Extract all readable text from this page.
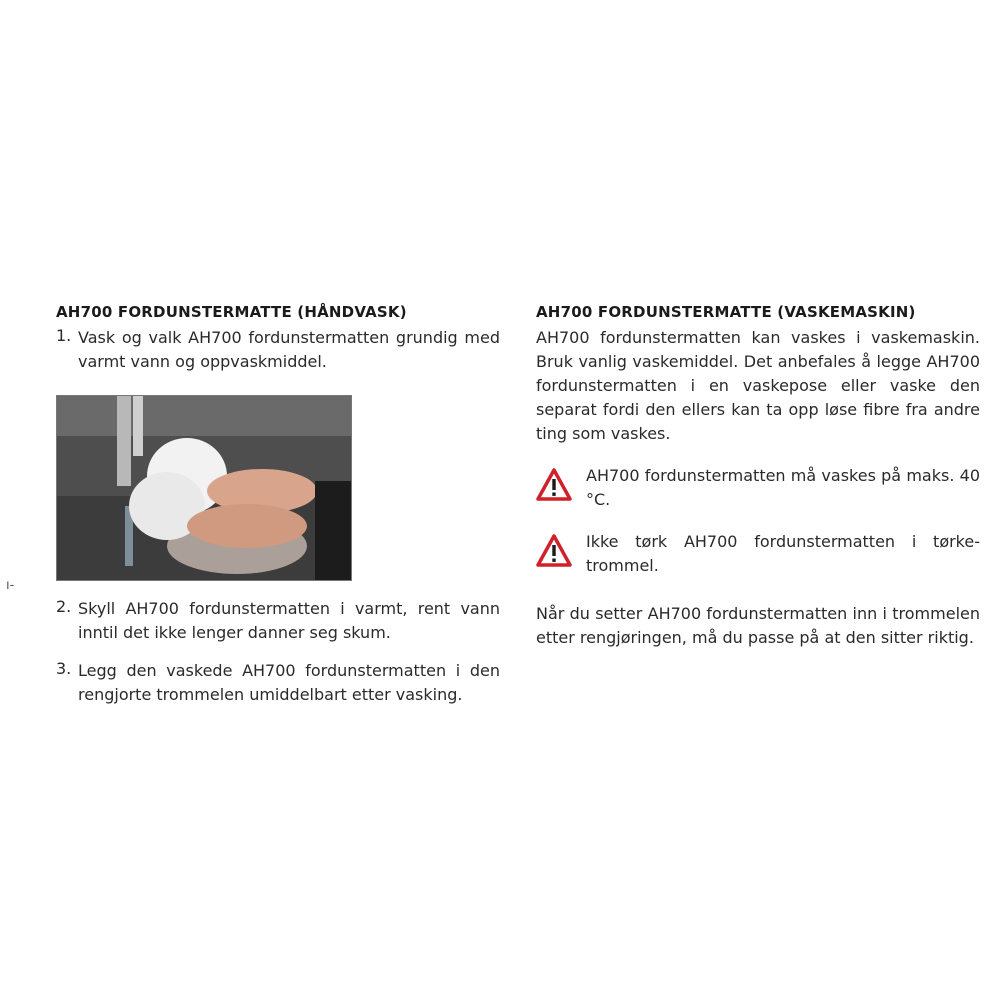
AH700 FORDUNSTERMATTE (HÅNDVASK)
1. Vask og valk AH700 fordunstermatten grundig med varmt vann og oppvaskmiddel.

ı-
2. Skyll AH700 fordunstermatten i varmt, rent vann inntil det ikke lenger danner seg skum.

3. Legg den vaskede AH700 fordunstermatten i den rengjorte trommelen umiddelbart etter vasking.

AH700 FORDUNSTERMATTE (VASKEMASKIN)

AH700 fordunstermatten kan vaskes i vaskemaskin. Bruk vanlig vaskemiddel. Det anbefales å legge AH700 fordunstermatten i en vaskepose eller vaske den separat fordi den ellers kan ta opp løse fibre fra andre ting som vaskes.

AH700 fordunstermatten må vaskes på maks. 40 °C.

Ikke tørk AH700 fordunstermatten i tørketrommel.

Når du setter AH700 fordunstermatten inn i trommelen etter rengjøringen, må du passe på at den sitter riktig.
